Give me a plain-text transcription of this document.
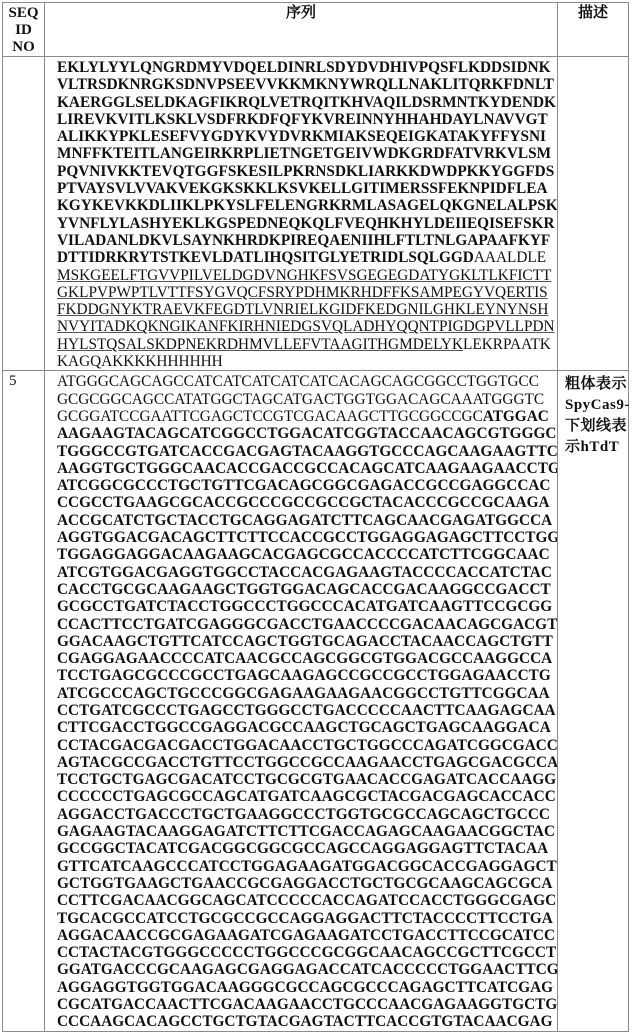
SEQ ID NO	序列	描述

EKLYLYYLQNGRDMYVDQELDINRLSDYDVDHIVPQSFLKDDSIDNK
VLTRSDKNRGKSDNVPSEEVVKKMKNYWRQLLNAKLITQRKFDNLT
KAERGGLSELDKAGFIKRQLVETRQITKHVAQILDSRMNTKYDENDK
LIREVKVITLKSKLVSDFRKDFQFYKVREINNYHHAHDAYLNAVVGT
ALIKKYPKLESEFVYGDYKVYDVRKMIAKSEQEIGKATAKYFFYSNI
MNFFKTEITLANGEIRKRPLIETNGETGEIVWDKGRDFATVRKVLSM
PQVNIVKKTEVQTGGFSKESILPKRNSDKLIARKKDWDPKKYGGFDS
PTVAYSVLVVAKVEKGKSKKLKSVKELLGITIMERSSFEKNPIDFLEA
KGYKEVKKDLIIKLPKYSLFELENGRKRMLASAGELQKGNELALPSK
YVNFLYLASHYEKLKGSPEDNEQKQLFVEQHKHYLDEIIEQISEFSKR
VILADANLDKVLSAYNKHRDKPIREQAENIIHLFTLTNLGAPAAFKYF
DTTIDRKRYTSTKEVLDATLIHQSITGLYETRIDLSQLGGDAAALDLE
MSKGEELFTGVVPILVELDGDVNGHKFSVSGEGEGDATYGKLTLKFICTT
GKLPVPWPTLVTTFSYGVQCFSRYPDHMKRHDFFKSAMPEGYVQERTIS
FKDDGNYKTRAEVKFEGDTLVNRIELKGIDFKEDGNILGHKLEYNYNSH
NVYITADKQKNGIKANFKIRHNIEDGSVQLADHYQQNTPIGDGPVLLPDN
HYLSTQSALSKDPNEKRDHMVLLEFVTAAGITHGMDELYKLEKRPAATK
KAGQAKKKKHHHHHH

5	ATGGGCAGCAGCCATCATCATCATCATCACAGCAGCGGCCTGGTGCC
GCGCGGCAGCCATATGGCTAGCATGACTGGTGGACAGCAAATGGGTC
GCGGATCCGAATTCGAGCTCCGTCGACAAGCTTGCGGCCGCATGGAC
AAGAAGTACAGCATCGGCCTGGACATCGGTACCAACAGCGTGGGC
TGGGCCGTGATCACCGACGAGTACAAGGTGCCCAGCAAGAAGTTC
AAGGTGCTGGGCAACACCGACCGCCACAGCATCAAGAAGAACCTG
ATCGGCGCCCTGCTGTTCGACAGCGGCGAGACCGCCGAGGCCAC
CCGCCTGAAGCGCACCGCCCGCCGCCGCTACACCCGCCGCAAGA
ACCGCATCTGCTACCTGCAGGAGATCTTCAGCAACGAGATGGCCA
AGGTGGACGACAGCTTCTTCCACCGCCTGGAGGAGAGCTTCCTGG
TGGAGGAGGACAAGAAGCACGAGCGCCACCCCATCTTCGGCAAC
ATCGTGGACGAGGTGGCCTACCACGAGAAGTACCCCACCATCTAC
CACCTGCGCAAGAAGCTGGTGGACAGCACCGACAAGGCCGACCT
GCGCCTGATCTACCTGGCCCTGGCCCACATGATCAAGTTCCGCGG
CCACTTCCTGATCGAGGGCGACCTGAACCCCGACAACAGCGACGT
GGACAAGCTGTTCATCCAGCTGGTGCAGACCTACAACCAGCTGTT
CGAGGAGAACCCCATCAACGCCAGCGGCGTGGACGCCAAGGCCA
TCCTGAGCGCCCGCCTGAGCAAGAGCCGCCGCCTGGAGAACCTG
ATCGCCCAGCTGCCCGGCGAGAAGAAGAACGGCCTGTTCGGCAA
CCTGATCGCCCTGAGCCTGGGCCTGACCCCCAACTTCAAGAGCAA
CTTCGACCTGGCCGAGGACGCCAAGCTGCAGCTGAGCAAGGACA
CCTACGACGACGACCTGGACAACCTGCTGGCCCAGATCGGCGACC
AGTACGCCGACCTGTTCCTGGCCGCCAAGAACCTGAGCGACGCCA
TCCTGCTGAGCGACATCCTGCGCGTGAACACCGAGATCACCAAGG
CCCCCCTGAGCGCCAGCATGATCAAGCGCTACGACGAGCACCACC
AGGACCTGACCCTGCTGAAGGCCCTGGTGCGCCAGCAGCTGCCC
GAGAAGTACAAGGAGATCTTCTTCGACCAGAGCAAGAACGGCTAC
GCCGGCTACATCGACGGCGGCGCCAGCCAGGAGGAGTTCTACAA
GTTCATCAAGCCCATCCTGGAGAAGATGGACGGCACCGAGGAGCT
GCTGGTGAAGCTGAACCGCGAGGACCTGCTGCGCAAGCAGCGCA
CCTTCGACAACGGCAGCATCCCCCACCAGATCCACCTGGGCGAGC
TGCACGCCATCCTGCGCCGCCAGGAGGACTTCTACCCCTTCCTGA
AGGACAACCGCGAGAAGATCGAGAAGATCCTGACCTTCCGCATCC
CCTACTACGTGGGCCCCCTGGCCCGCGGCAACAGCCGCTTCGCCT
GGATGACCCGCAAGAGCGAGGAGACCATCACCCCCTGGAACTTCG
AGGAGGTGGTGGACAAGGGCGCCAGCGCCCAGAGCTTCATCGAG
CGCATGACCAACTTCGACAAGAACCTGCCCAACGAGAAGGTGCTG
CCCAAGCACAGCCTGCTGTACGAGTACTTCACCGTGTACAACGAG
	粗体表示
SpyCas9-
下划线表
示hTdT
